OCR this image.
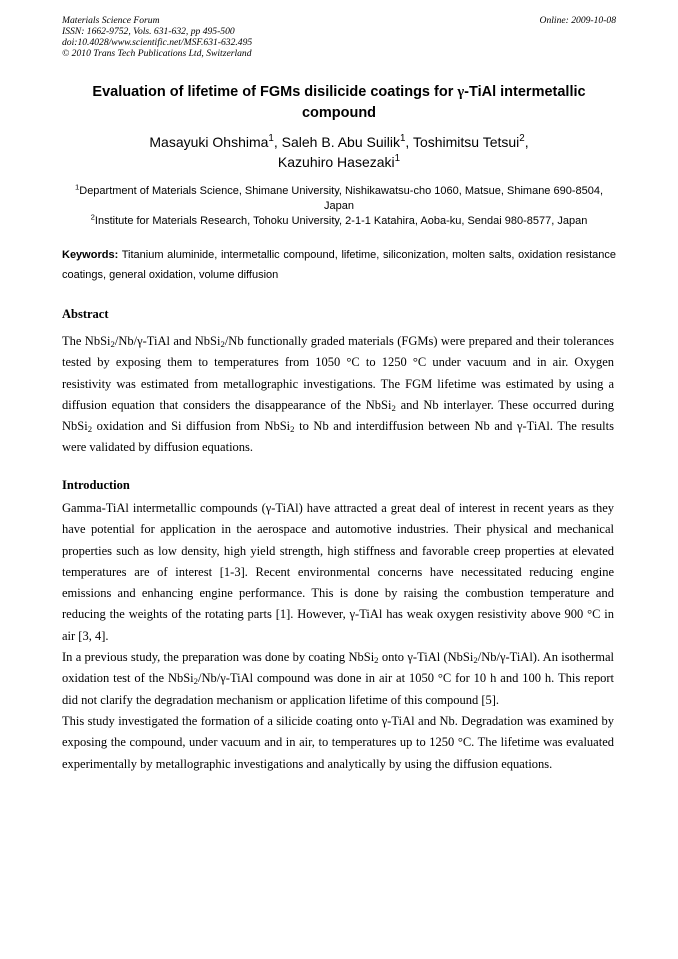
Materials Science Forum
ISSN: 1662-9752, Vols. 631-632, pp 495-500
doi:10.4028/www.scientific.net/MSF.631-632.495
© 2010 Trans Tech Publications Ltd, Switzerland
Online: 2009-10-08
Evaluation of lifetime of FGMs disilicide coatings for γ-TiAl intermetallic compound
Masayuki Ohshima$^1$, Saleh B. Abu Suilik$^1$, Toshimitsu Tetsui$^2$,
Kazuhiro Hasezaki$^1$
$^1$Department of Materials Science, Shimane University, Nishikawatsu-cho 1060, Matsue, Shimane 690-8504, Japan
$^2$Institute for Materials Research, Tohoku University, 2-1-1 Katahira, Aoba-ku, Sendai 980-8577, Japan
Keywords: Titanium aluminide, intermetallic compound, lifetime, siliconization, molten salts, oxidation resistance coatings, general oxidation, volume diffusion
Abstract

The NbSi$_2$/Nb/γ-TiAl and NbSi$_2$/Nb functionally graded materials (FGMs) were prepared and their tolerances tested by exposing them to temperatures from 1050 °C to 1250 °C under vacuum and in air. Oxygen resistivity was estimated from metallographic investigations. The FGM lifetime was estimated by using a diffusion equation that considers the disappearance of the NbSi$_2$ and Nb interlayer. These occurred during NbSi$_2$ oxidation and Si diffusion from NbSi$_2$ to Nb and interdiffusion between Nb and γ-TiAl. The results were validated by diffusion equations.

Introduction

Gamma-TiAl intermetallic compounds (γ-TiAl) have attracted a great deal of interest in recent years as they have potential for application in the aerospace and automotive industries. Their physical and mechanical properties such as low density, high yield strength, high stiffness and favorable creep properties at elevated temperatures are of interest [1-3]. Recent environmental concerns have necessitated reducing engine emissions and enhancing engine performance. This is done by raising the combustion temperature and reducing the weights of the rotating parts [1]. However, γ-TiAl has weak oxygen resistivity above 900 °C in air [3, 4].

In a previous study, the preparation was done by coating NbSi$_2$ onto γ-TiAl (NbSi$_2$/Nb/γ-TiAl). An isothermal oxidation test of the NbSi$_2$/Nb/γ-TiAl compound was done in air at 1050 °C for 10 h and 100 h. This report did not clarify the degradation mechanism or application lifetime of this compound [5].

This study investigated the formation of a silicide coating onto γ-TiAl and Nb. Degradation was examined by exposing the compound, under vacuum and in air, to temperatures up to 1250 °C. The lifetime was evaluated experimentally by metallographic investigations and analytically by using the diffusion equations.
